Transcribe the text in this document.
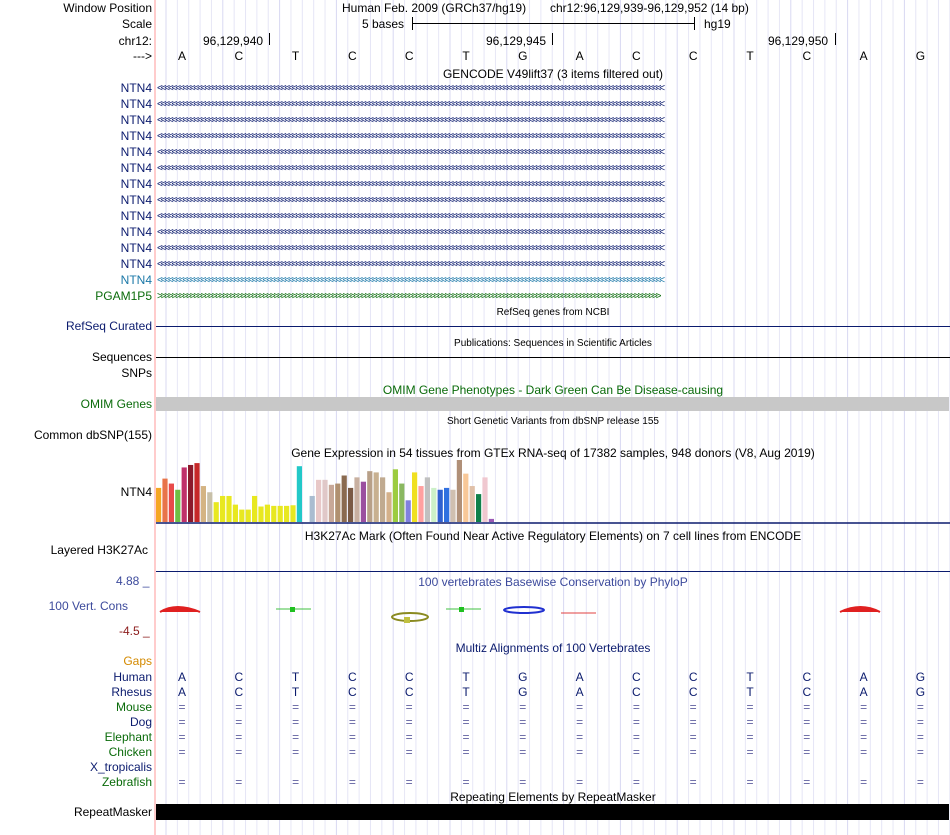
Window Position	Human Feb. 2009 (GRCh37/hg19) chr12:96,129,939-96,129,952 (14 bp)
Scale	5 bases	hg19
chr12:	96,129,940	96,129,945	96,129,950
--->	A	C	T	C	C	T	G	A	C	C	T	C	A	G
GENCODE V49lift37 (3 items filtered out)
NTN4 <<<<<<<<<<<<<<<<<<<<<<<<<<<<<<<<<<<<<<<<<<<<<<<<<<<<<<<<<<<<<<<<<<<<<<<<<<<<<<<<<<<<<<<<<<<<<<<<<<<<<<<<<<<<<<<<<<<<<<<<<<<<<<<<<<<<<<<<<<<
NTN4 <<<<<<<<<<<<<<<<<<<<<<<<<<<<<<<<<<<<<<<<<<<<<<<<<<<<<<<<<<<<<<<<<<<<<<<<<<<<<<<<<<<<<<<<<<<<<<<<<<<<<<<<<<<<<<<<<<<<<<<<<<<<<<<<<<<<<<<<<<<
NTN4 <<<<<<<<<<<<<<<<<<<<<<<<<<<<<<<<<<<<<<<<<<<<<<<<<<<<<<<<<<<<<<<<<<<<<<<<<<<<<<<<<<<<<<<<<<<<<<<<<<<<<<<<<<<<<<<<<<<<<<<<<<<<<<<<<<<<<<<<<<<
NTN4 <<<<<<<<<<<<<<<<<<<<<<<<<<<<<<<<<<<<<<<<<<<<<<<<<<<<<<<<<<<<<<<<<<<<<<<<<<<<<<<<<<<<<<<<<<<<<<<<<<<<<<<<<<<<<<<<<<<<<<<<<<<<<<<<<<<<<<<<<<<
NTN4 <<<<<<<<<<<<<<<<<<<<<<<<<<<<<<<<<<<<<<<<<<<<<<<<<<<<<<<<<<<<<<<<<<<<<<<<<<<<<<<<<<<<<<<<<<<<<<<<<<<<<<<<<<<<<<<<<<<<<<<<<<<<<<<<<<<<<<<<<<<
NTN4 <<<<<<<<<<<<<<<<<<<<<<<<<<<<<<<<<<<<<<<<<<<<<<<<<<<<<<<<<<<<<<<<<<<<<<<<<<<<<<<<<<<<<<<<<<<<<<<<<<<<<<<<<<<<<<<<<<<<<<<<<<<<<<<<<<<<<<<<<<<
NTN4 <<<<<<<<<<<<<<<<<<<<<<<<<<<<<<<<<<<<<<<<<<<<<<<<<<<<<<<<<<<<<<<<<<<<<<<<<<<<<<<<<<<<<<<<<<<<<<<<<<<<<<<<<<<<<<<<<<<<<<<<<<<<<<<<<<<<<<<<<<<
NTN4 <<<<<<<<<<<<<<<<<<<<<<<<<<<<<<<<<<<<<<<<<<<<<<<<<<<<<<<<<<<<<<<<<<<<<<<<<<<<<<<<<<<<<<<<<<<<<<<<<<<<<<<<<<<<<<<<<<<<<<<<<<<<<<<<<<<<<<<<<<<
NTN4 <<<<<<<<<<<<<<<<<<<<<<<<<<<<<<<<<<<<<<<<<<<<<<<<<<<<<<<<<<<<<<<<<<<<<<<<<<<<<<<<<<<<<<<<<<<<<<<<<<<<<<<<<<<<<<<<<<<<<<<<<<<<<<<<<<<<<<<<<<<
NTN4 <<<<<<<<<<<<<<<<<<<<<<<<<<<<<<<<<<<<<<<<<<<<<<<<<<<<<<<<<<<<<<<<<<<<<<<<<<<<<<<<<<<<<<<<<<<<<<<<<<<<<<<<<<<<<<<<<<<<<<<<<<<<<<<<<<<<<<<<<<<
NTN4 <<<<<<<<<<<<<<<<<<<<<<<<<<<<<<<<<<<<<<<<<<<<<<<<<<<<<<<<<<<<<<<<<<<<<<<<<<<<<<<<<<<<<<<<<<<<<<<<<<<<<<<<<<<<<<<<<<<<<<<<<<<<<<<<<<<<<<<<<<<
NTN4 <<<<<<<<<<<<<<<<<<<<<<<<<<<<<<<<<<<<<<<<<<<<<<<<<<<<<<<<<<<<<<<<<<<<<<<<<<<<<<<<<<<<<<<<<<<<<<<<<<<<<<<<<<<<<<<<<<<<<<<<<<<<<<<<<<<<<<<<<<<
NTN4 <<<<<<<<<<<<<<<<<<<<<<<<<<<<<<<<<<<<<<<<<<<<<<<<<<<<<<<<<<<<<<<<<<<<<<<<<<<<<<<<<<<<<<<<<<<<<<<<<<<<<<<<<<<<<<<<<<<<<<<<<<<<<<<<<<<<<<<<<<<
PGAM1P5 >>>>>>>>>>>>>>>>>>>>>>>>>>>>>>>>>>>>>>>>>>>>>>>>>>>>>>>>>>>>>>>>>>>>>>>>>>>>>>>>>>>>>>>>>>>>>>>>>>>>>>>>>>>>>>>>>>>>>>>>>>>>>>>>>>>>>>>>>>
RefSeq genes from NCBI
RefSeq Curated
Publications: Sequences in Scientific Articles
Sequences
SNPs
OMIM Gene Phenotypes - Dark Green Can Be Disease-causing
OMIM Genes
Short Genetic Variants from dbSNP release 155
Common dbSNP(155)
Gene Expression in 54 tissues from GTEx RNA-seq of 17382 samples, 948 donors (V8, Aug 2019)
NTN4
H3K27Ac Mark (Often Found Near Active Regulatory Elements) on 7 cell lines from ENCODE
Layered H3K27Ac
100 vertebrates Basewise Conservation by PhyloP
4.88 _
100 Vert. Cons
-4.5 _
Multiz Alignments of 100 Vertebrates
Gaps
Human	A	C	T	C	C	T	G	A	C	C	T	C	A	G
Rhesus	A	C	T	C	C	T	G	A	C	C	T	C	A	G
Mouse	=	=	=	=	=	=	=	=	=	=	=	=	=	=
Dog	=	=	=	=	=	=	=	=	=	=	=	=	=	=
Elephant	=	=	=	=	=	=	=	=	=	=	=	=	=	=
Chicken	=	=	=	=	=	=	=	=	=	=	=	=	=	=
X_tropicalis
Zebrafish	=	=	=	=	=	=	=	=	=	=	=	=	=	=
Repeating Elements by RepeatMasker
RepeatMasker
